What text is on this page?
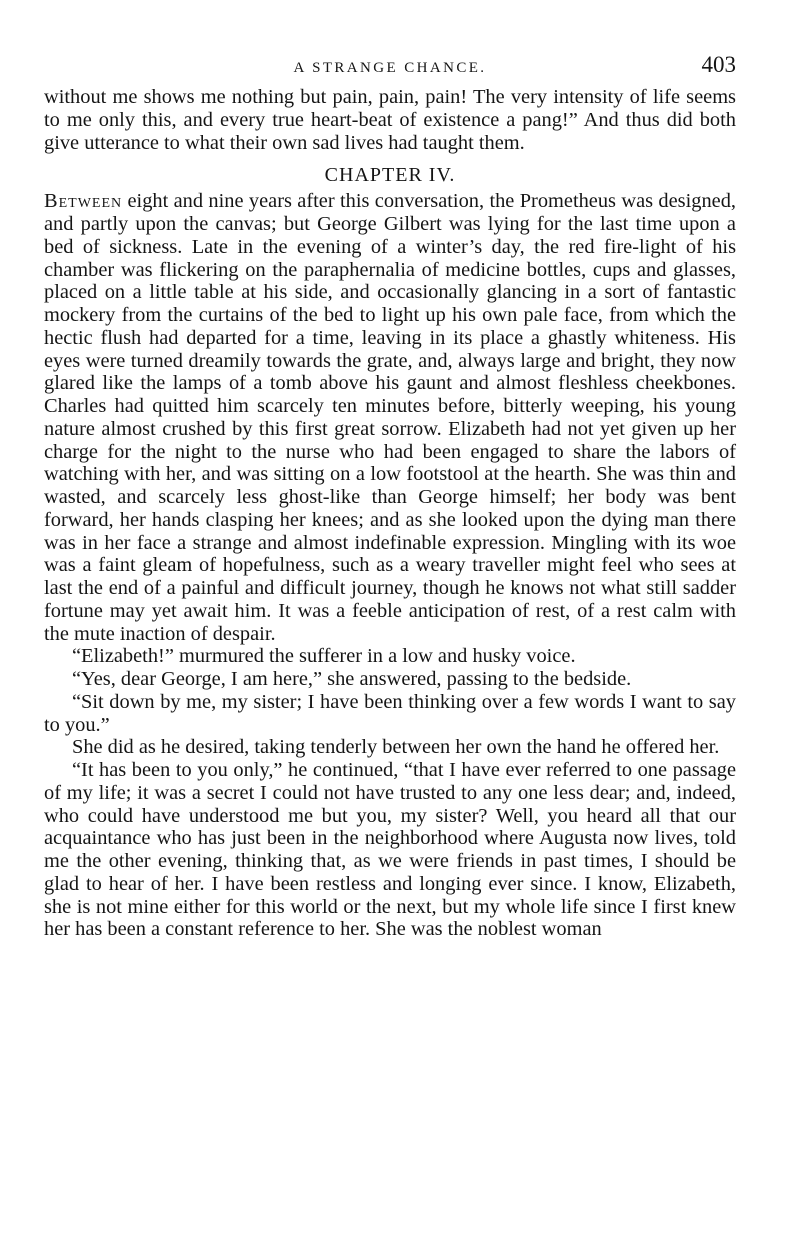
A STRANGE CHANCE.	403

without me shows me nothing but pain, pain, pain! The very intensity of life seems to me only this, and every true heart-beat of existence a pang!” And thus did both give utterance to what their own sad lives had taught them.

CHAPTER IV.

Between eight and nine years after this conversation, the Prometheus was designed, and partly upon the canvas; but George Gilbert was lying for the last time upon a bed of sickness. Late in the evening of a winter’s day, the red fire-light of his chamber was flickering on the paraphernalia of medicine bottles, cups and glasses, placed on a little table at his side, and occasionally glancing in a sort of fantastic mockery from the curtains of the bed to light up his own pale face, from which the hectic flush had departed for a time, leaving in its place a ghastly whiteness. His eyes were turned dreamily towards the grate, and, always large and bright, they now glared like the lamps of a tomb above his gaunt and almost fleshless cheekbones. Charles had quitted him scarcely ten minutes before, bitterly weeping, his young nature almost crushed by this first great sorrow. Elizabeth had not yet given up her charge for the night to the nurse who had been engaged to share the labors of watching with her, and was sitting on a low footstool at the hearth. She was thin and wasted, and scarcely less ghost-like than George himself; her body was bent forward, her hands clasping her knees; and as she looked upon the dying man there was in her face a strange and almost indefinable expression. Mingling with its woe was a faint gleam of hopefulness, such as a weary traveller might feel who sees at last the end of a painful and difficult journey, though he knows not what still sadder fortune may yet await him. It was a feeble anticipation of rest, of a rest calm with the mute inaction of despair.

“Elizabeth!” murmured the sufferer in a low and husky voice.

“Yes, dear George, I am here,” she answered, passing to the bedside.

“Sit down by me, my sister; I have been thinking over a few words I want to say to you.”

She did as he desired, taking tenderly between her own the hand he offered her.

“It has been to you only,” he continued, “that I have ever referred to one passage of my life; it was a secret I could not have trusted to any one less dear; and, indeed, who could have understood me but you, my sister? Well, you heard all that our acquaintance who has just been in the neighborhood where Augusta now lives, told me the other evening, thinking that, as we were friends in past times, I should be glad to hear of her. I have been restless and longing ever since. I know, Elizabeth, she is not mine either for this world or the next, but my whole life since I first knew her has been a constant reference to her. She was the noblest woman
